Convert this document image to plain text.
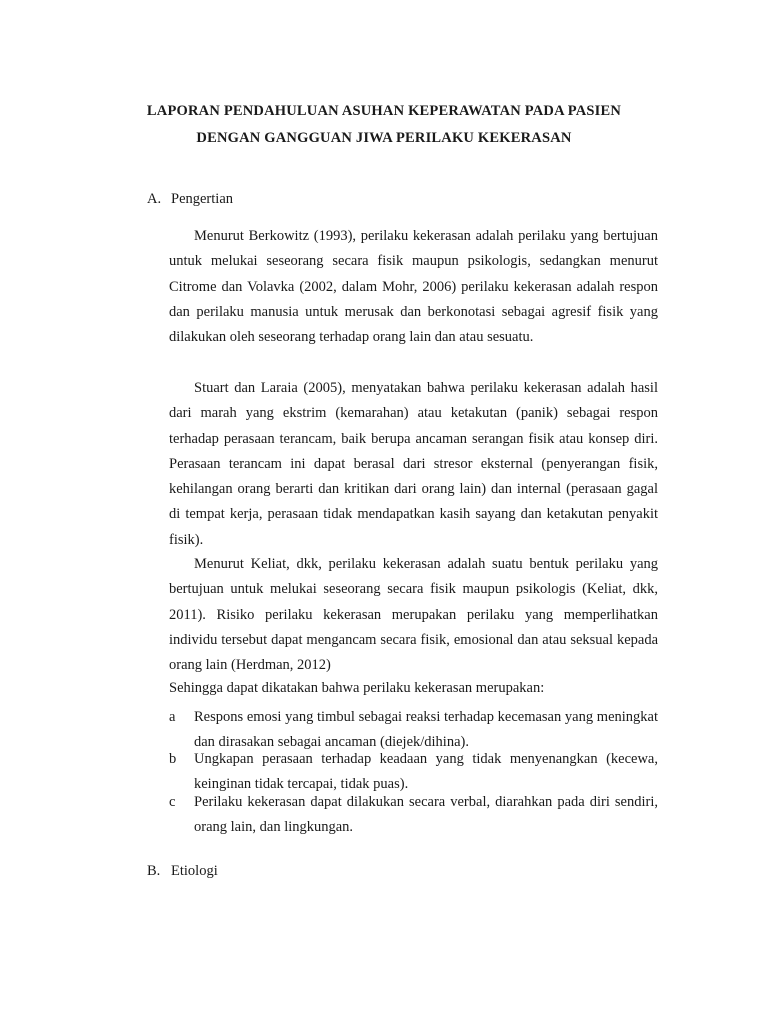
LAPORAN PENDAHULUAN ASUHAN KEPERAWATAN PADA PASIEN
DENGAN GANGGUAN JIWA PERILAKU KEKERASAN
A. Pengertian
Menurut Berkowitz (1993), perilaku kekerasan adalah perilaku yang bertujuan untuk melukai seseorang secara fisik maupun psikologis, sedangkan menurut Citrome dan Volavka (2002, dalam Mohr, 2006) perilaku kekerasan adalah respon dan perilaku manusia untuk merusak dan berkonotasi sebagai agresif fisik yang dilakukan oleh seseorang terhadap orang lain dan atau sesuatu.
Stuart dan Laraia (2005), menyatakan bahwa perilaku kekerasan adalah hasil dari marah yang ekstrim (kemarahan) atau ketakutan (panik) sebagai respon terhadap perasaan terancam, baik berupa ancaman serangan fisik atau konsep diri. Perasaan terancam ini dapat berasal dari stresor eksternal (penyerangan fisik, kehilangan orang berarti dan kritikan dari orang lain) dan internal (perasaan gagal di tempat kerja, perasaan tidak mendapatkan kasih sayang dan ketakutan penyakit fisik).
Menurut Keliat, dkk, perilaku kekerasan adalah suatu bentuk perilaku yang bertujuan untuk melukai seseorang secara fisik maupun psikologis (Keliat, dkk, 2011). Risiko perilaku kekerasan merupakan perilaku yang memperlihatkan individu tersebut dapat mengancam secara fisik, emosional dan atau seksual kepada orang lain (Herdman, 2012)
Sehingga dapat dikatakan bahwa perilaku kekerasan merupakan:
a Respons emosi yang timbul sebagai reaksi terhadap kecemasan yang meningkat dan dirasakan sebagai ancaman (diejek/dihina).
b Ungkapan perasaan terhadap keadaan yang tidak menyenangkan (kecewa, keinginan tidak tercapai, tidak puas).
c Perilaku kekerasan dapat dilakukan secara verbal, diarahkan pada diri sendiri, orang lain, dan lingkungan.
B. Etiologi
